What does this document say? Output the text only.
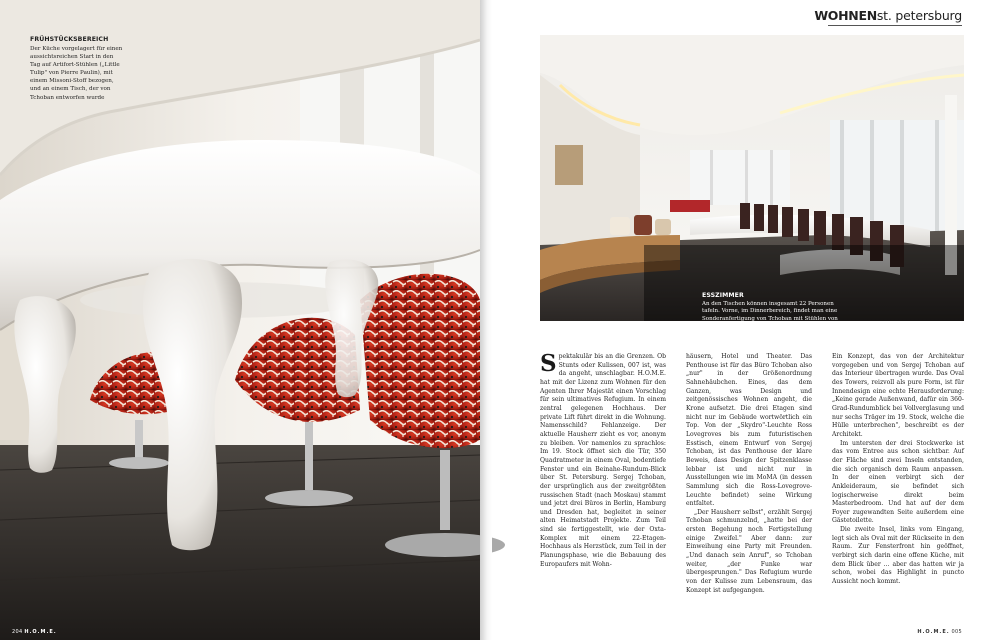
FRÜHSTÜCKSBEREICH
Der Küche vorgelagert für einen
aussichtsreichen Start in den
Tag auf Artifort-Stühlen („Little
Tulip" von Pierre Paulin), mit
einem Missoni-Stoff bezogen,
und an einem Tisch, der von
Tchoban entworfen wurde
204 H.O.M.E.
WOHNENst. petersburg
ESSZIMMER
An den Tischen können insgesamt 22 Personen
tafeln. Vorne, im Dinnerbereich, findet man eine
Sonderanfertigung von Tchoban mit Stühlen von
Moroso („Three Skin Chair" von Ron Arad). Die Bank
an der Seite ist eine Maßarbeit von Tchoban mit Leder
von Baxter und Dedar. Für den Sound sorgen Boxen
von Wilson Audio

Spektakulär bis an die Grenzen. Ob Stunts oder Kulissen, 007 ist, was da angeht, unschlagbar. H.O.M.E. hat mit der Lizenz zum Wohnen für den Agenten Ihrer Majestät einen Vorschlag für sein ultimatives Refugium. In einem zentral gelegenen Hochhaus. Der private Lift führt direkt in die Wohnung. Namensschild? Fehlanzeige. Der aktuelle Hausherr zieht es vor, anonym zu bleiben. Vor namenlos zu sprachlos: Im 19. Stock öffnet sich die Tür, 350 Quadratmeter in einem Oval, bodentiefe Fenster und ein Beinahe-Rundum-Blick über St. Petersburg. Sergej Tchoban, der ursprünglich aus der zweitgrößten russischen Stadt (nach Moskau) stammt und jetzt drei Büros in Berlin, Hamburg und Dresden hat, begleitet in seiner alten Heimatstadt Projekte. Zum Teil sind sie fertiggestellt, wie der Oxta-Komplex mit einem 22-Etagen-Hochhaus als Herzstück, zum Teil in der Planungsphase, wie die Bebauung des Europaufers mit Wohn-

häusern, Hotel und Theater. Das Penthouse ist für das Büro Tchoban also „nur" in der Größenordnung Sahnehäubchen. Eines, das dem Ganzen, was Design und zeitgenössisches Wohnen angeht, die Krone aufsetzt. Die drei Etagen sind nicht nur im Gebäude wortwörtlich ein Top. Von der „Skydro"-Leuchte Ross Lovegroves bis zum futuristischen Esstisch, einem Entwurf von Sergej Tchoban, ist das Penthouse der klare Beweis, dass Design der Spitzenklasse lebbar ist und nicht nur in Ausstellungen wie im MoMA (in dessen Sammlung sich die Ross-Lovegrove-Leuchte befindet) seine Wirkung entfaltet.

„Der Hausherr selbst", erzählt Sergej Tchoban schmunzelnd, „hatte bei der ersten Begehung noch Fertigstellung einige Zweifel." Aber dann: zur Einweihung eine Party mit Freunden. „Und danach sein Anruf", so Tchoban weiter, „der Funke war übergesprungen." Das Refugium wurde von der Kulisse zum Lebensraum, das Konzept ist aufgegangen.

Ein Konzept, das von der Architektur vorgegeben und von Sergej Tchoban auf das Interieur übertragen wurde. Das Oval des Towers, reizvoll als pure Form, ist für Innendesign eine echte Herausforderung: „Keine gerade Außenwand, dafür ein 360-Grad-Rundumblick bei Vollverglasung und nur sechs Träger im 19. Stock, welche die Hülle unterbrechen", beschreibt es der Architekt.

Im untersten der drei Stockwerke ist das vom Entree aus schon sichtbar. Auf der Fläche sind zwei Inseln entstanden, die sich organisch dem Raum anpassen. In der einen verbirgt sich der Ankleideraum, sie befindet sich logischerweise direkt beim Masterbedroom. Und hat auf der dem Foyer zugewandten Seite außerdem eine Gästetoilette.

Die zweite Insel, links vom Eingang, legt sich als Oval mit der Rückseite in den Raum. Zur Fensterfront hin geöffnet, verbirgt sich darin eine offene Küche, mit dem Blick über … aber das hatten wir ja schon, wobei das Highlight in puncto Aussicht noch kommt.

H.O.M.E. 005
